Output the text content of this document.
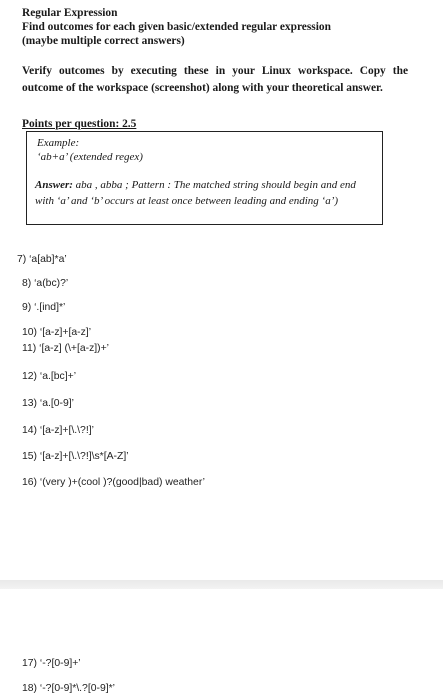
Regular Expression
Find outcomes for each given basic/extended regular expression
(maybe multiple correct answers)
Verify outcomes by executing these in your Linux workspace. Copy the outcome of the workspace (screenshot) along with your theoretical answer.
Points per question: 2.5
Example:
‘ab+a’ (extended regex)
Answer: aba , abba ; Pattern : The matched string should begin and end with ‘a’ and ‘b’ occurs at least once between leading and ending ‘a’)
7) ‘a[ab]*a’
8) ‘a(bc)?’
9) ‘.[ind]*’
10) ‘[a-z]+[a-z]’
11) ‘[a-z] (\+[a-z])+’
12) ‘a.[bc]+’
13) ‘a.[0-9]’
14) ‘[a-z]+[\.\?!]’
15) ‘[a-z]+[\.\?!]\s*[A-Z]’
16) ‘(very )+(cool )?(good|bad) weather’
17) ‘-?[0-9]+’
18) ‘-?[0-9]*\.?[0-9]*’
